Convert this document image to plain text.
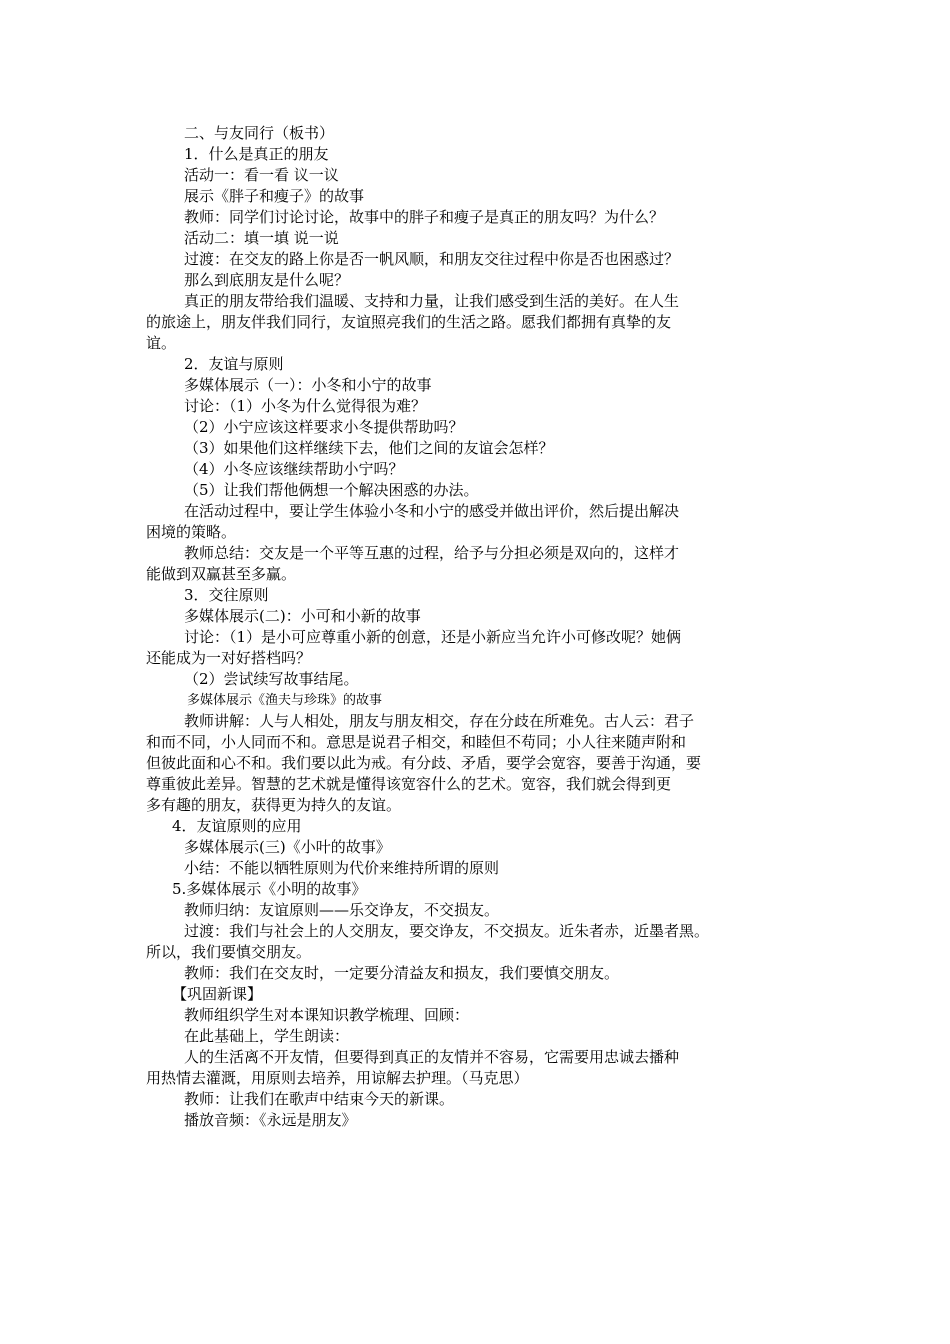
二、与友同行（板书）
1．什么是真正的朋友
活动一：看一看 议一议
展示《胖子和瘦子》的故事
教师：同学们讨论讨论，故事中的胖子和瘦子是真正的朋友吗？为什么？
活动二：填一填 说一说
过渡：在交友的路上你是否一帆风顺，和朋友交往过程中你是否也困惑过？
那么到底朋友是什么呢？
真正的朋友带给我们温暖、支持和力量，让我们感受到生活的美好。在人生
的旅途上，朋友伴我们同行，友谊照亮我们的生活之路。愿我们都拥有真挚的友
谊。
2．友谊与原则
多媒体展示（一）：小冬和小宁的故事
讨论：（1）小冬为什么觉得很为难？
（2）小宁应该这样要求小冬提供帮助吗？
（3）如果他们这样继续下去，他们之间的友谊会怎样？
（4）小冬应该继续帮助小宁吗？
（5）让我们帮他俩想一个解决困惑的办法。
在活动过程中，要让学生体验小冬和小宁的感受并做出评价，然后提出解决
困境的策略。
教师总结：交友是一个平等互惠的过程，给予与分担必须是双向的，这样才
能做到双赢甚至多赢。
3．交往原则
多媒体展示(二)：小可和小新的故事
讨论：（1）是小可应尊重小新的创意，还是小新应当允许小可修改呢？她俩
还能成为一对好搭档吗？
（2）尝试续写故事结尾。
多媒体展示《渔夫与珍珠》的故事
教师讲解：人与人相处，朋友与朋友相交，存在分歧在所难免。古人云：君子
和而不同，小人同而不和。意思是说君子相交，和睦但不苟同；小人往来随声附和
但彼此面和心不和。我们要以此为戒。有分歧、矛盾，要学会宽容，要善于沟通，要
尊重彼此差异。智慧的艺术就是懂得该宽容什么的艺术。宽容，我们就会得到更
多有趣的朋友，获得更为持久的友谊。
4．友谊原则的应用
多媒体展示(三)《小叶的故事》
小结：不能以牺牲原则为代价来维持所谓的原则
5.多媒体展示《小明的故事》
教师归纳：友谊原则——乐交诤友，不交损友。
过渡：我们与社会上的人交朋友，要交诤友，不交损友。近朱者赤，近墨者黑。
所以，我们要慎交朋友。
教师：我们在交友时，一定要分清益友和损友，我们要慎交朋友。
【巩固新课】
教师组织学生对本课知识教学梳理、回顾：
在此基础上，学生朗读：
人的生活离不开友情，但要得到真正的友情并不容易，它需要用忠诚去播种
用热情去灌溉，用原则去培养，用谅解去护理。（马克思）
教师：让我们在歌声中结束今天的新课。
播放音频：《永远是朋友》
